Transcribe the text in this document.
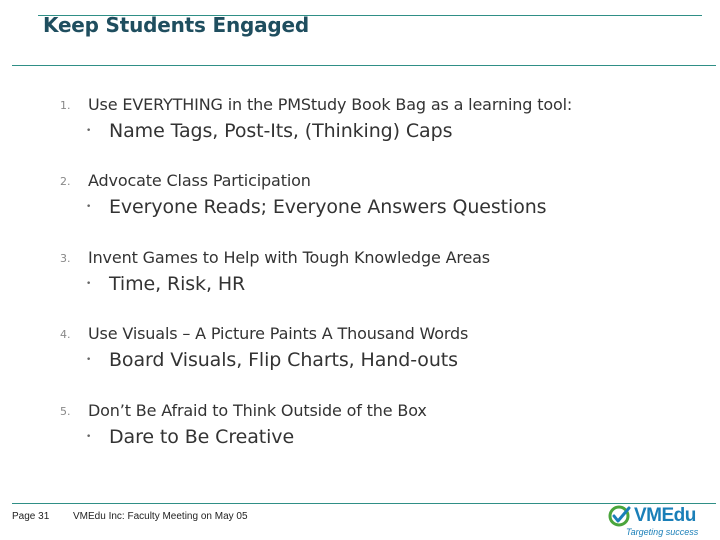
Keep Students Engaged
1. Use EVERYTHING in the PMStudy Book Bag as a learning tool:
• Name Tags, Post-Its, (Thinking) Caps
2. Advocate Class Participation
• Everyone Reads; Everyone Answers Questions
3. Invent Games to Help with Tough Knowledge Areas
• Time, Risk, HR
4. Use Visuals – A Picture Paints A Thousand Words
• Board Visuals, Flip Charts, Hand-outs
5. Don’t Be Afraid to Think Outside of the Box
• Dare to Be Creative
Page 31 VMEdu Inc: Faculty Meeting on May 05	VMEdu
Targeting success
